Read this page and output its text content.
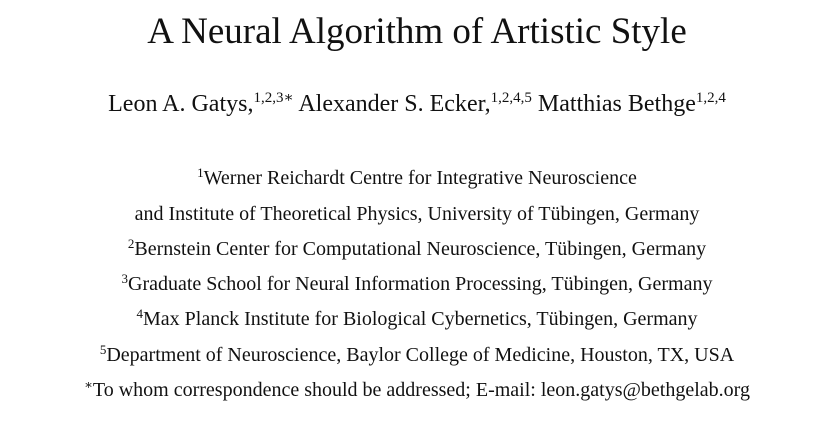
A Neural Algorithm of Artistic Style
Leon A. Gatys,$^{1,2,3∗}$ Alexander S. Ecker,$^{1,2,4,5}$ Matthias Bethge$^{1,2,4}$
$^1$Werner Reichardt Centre for Integrative Neuroscience
and Institute of Theoretical Physics, University of Tübingen, Germany
$^2$Bernstein Center for Computational Neuroscience, Tübingen, Germany
$^3$Graduate School for Neural Information Processing, Tübingen, Germany
$^4$Max Planck Institute for Biological Cybernetics, Tübingen, Germany
$^5$Department of Neuroscience, Baylor College of Medicine, Houston, TX, USA
∗To whom correspondence should be addressed; E-mail: leon.gatys@bethgelab.org
